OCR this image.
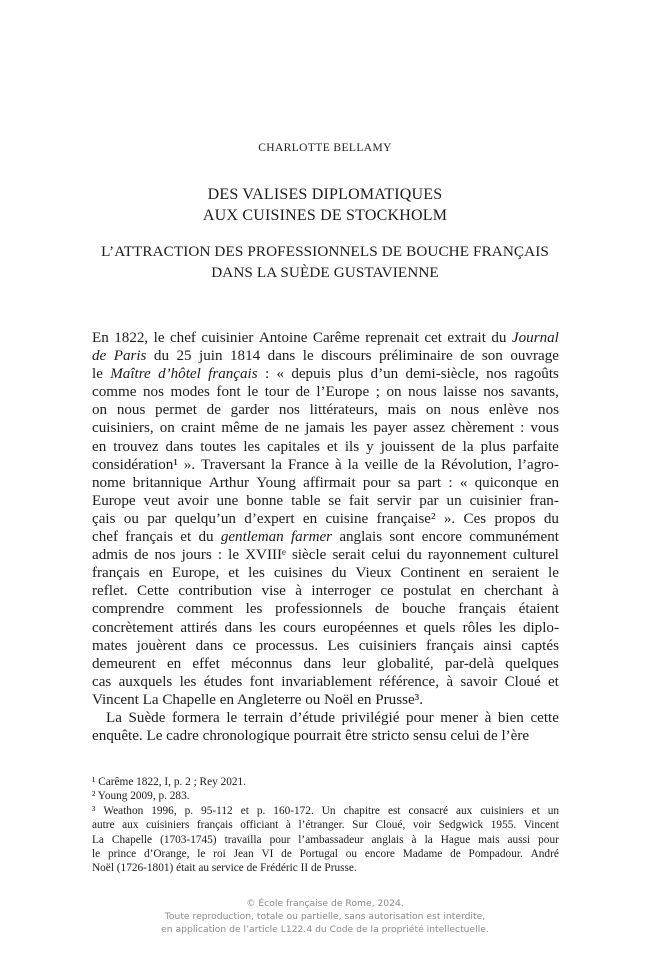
CHARLOTTE BELLAMY
DES VALISES DIPLOMATIQUES
AUX CUISINES DE STOCKHOLM
L’ATTRACTION DES PROFESSIONNELS DE BOUCHE FRANÇAIS
DANS LA SUÈDE GUSTAVIENNE
En 1822, le chef cuisinier Antoine Carême reprenait cet extrait du Journal
de Paris du 25 juin 1814 dans le discours préliminaire de son ouvrage
le Maître d’hôtel français : « depuis plus d’un demi-siècle, nos ragoûts
comme nos modes font le tour de l’Europe ; on nous laisse nos savants,
on nous permet de garder nos littérateurs, mais on nous enlève nos
cuisiniers, on craint même de ne jamais les payer assez chèrement : vous
en trouvez dans toutes les capitales et ils y jouissent de la plus parfaite
considération¹ ». Traversant la France à la veille de la Révolution, l’agro-
nome britannique Arthur Young affirmait pour sa part : « quiconque en
Europe veut avoir une bonne table se fait servir par un cuisinier fran-
çais ou par quelqu’un d’expert en cuisine française² ». Ces propos du
chef français et du gentleman farmer anglais sont encore communément
admis de nos jours : le XVIIIᵉ siècle serait celui du rayonnement culturel
français en Europe, et les cuisines du Vieux Continent en seraient le
reflet. Cette contribution vise à interroger ce postulat en cherchant à
comprendre comment les professionnels de bouche français étaient
concrètement attirés dans les cours européennes et quels rôles les diplo-
mates jouèrent dans ce processus. Les cuisiniers français ainsi captés
demeurent en effet méconnus dans leur globalité, par-delà quelques
cas auxquels les études font invariablement référence, à savoir Cloué et
Vincent La Chapelle en Angleterre ou Noël en Prusse³.
La Suède formera le terrain d’étude privilégié pour mener à bien cette
enquête. Le cadre chronologique pourrait être stricto sensu celui de l’ère
¹ Carême 1822, I, p. 2 ; Rey 2021.
² Young 2009, p. 283.
³ Weathon 1996, p. 95-112 et p. 160-172. Un chapitre est consacré aux cuisiniers et un
autre aux cuisiniers français officiant à l’étranger. Sur Cloué, voir Sedgwick 1955. Vincent
La Chapelle (1703-1745) travailla pour l’ambassadeur anglais à la Hague mais aussi pour
le prince d’Orange, le roi Jean VI de Portugal ou encore Madame de Pompadour. André
Noël (1726-1801) était au service de Frédéric II de Prusse.
© École française de Rome, 2024.
Toute reproduction, totale ou partielle, sans autorisation est interdite,
en application de l’article L122.4 du Code de la propriété intellectuelle.
